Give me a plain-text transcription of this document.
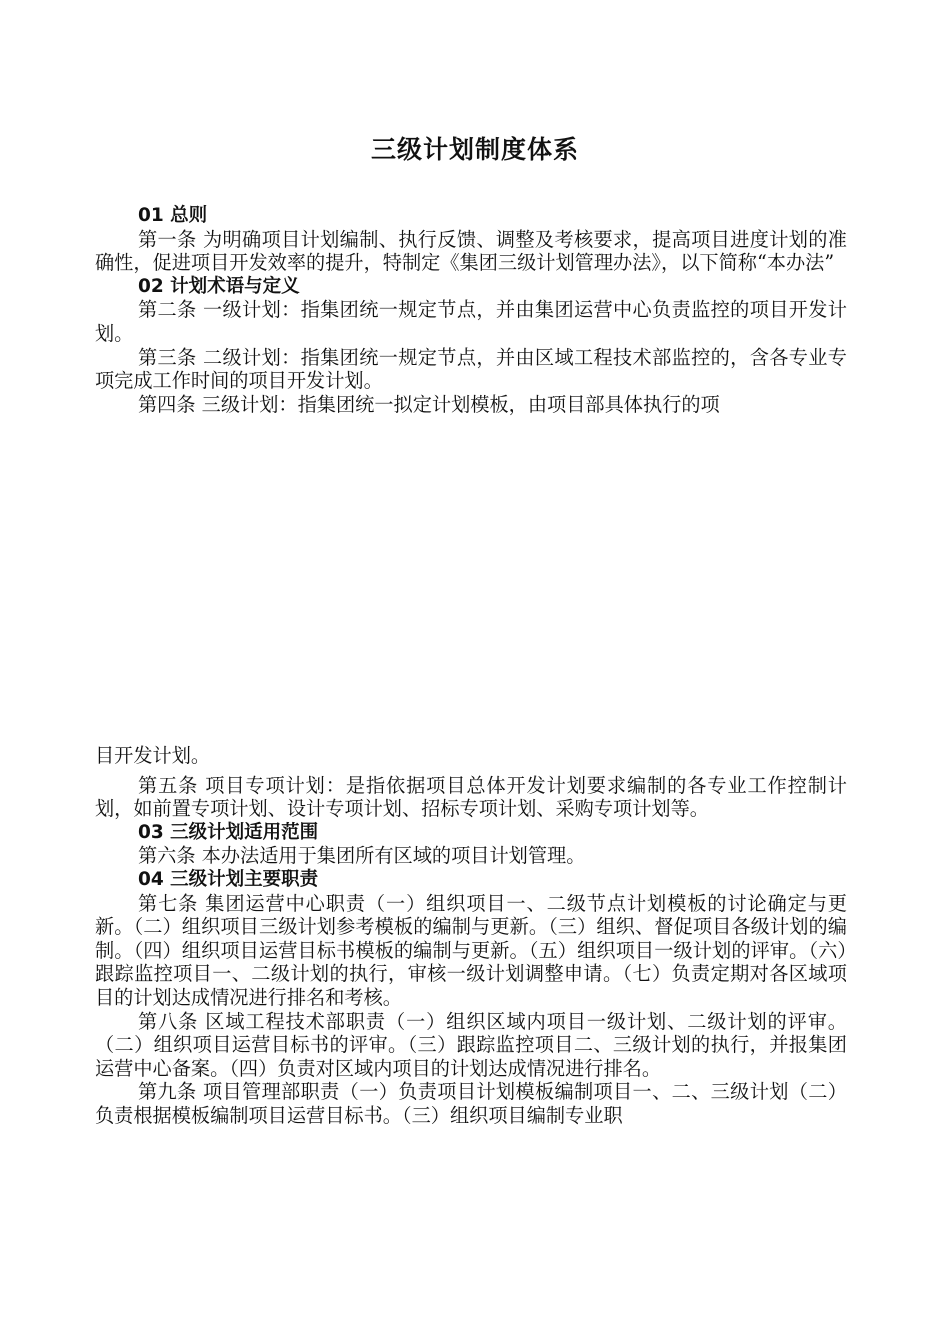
三级计划制度体系
01 总则

第一条 为明确项目计划编制、执行反馈、调整及考核要求，提高项目进度计划的准确性，促进项目开发效率的提升，特制定《集团三级计划管理办法》，以下简称“本办法”

02 计划术语与定义

第二条 一级计划：指集团统一规定节点，并由集团运营中心负责监控的项目开发计划。

第三条 二级计划：指集团统一规定节点，并由区域工程技术部监控的，含各专业专项完成工作时间的项目开发计划。

第四条 三级计划：指集团统一拟定计划模板，由项目部具体执行的项

目开发计划。

第五条 项目专项计划：是指依据项目总体开发计划要求编制的各专业工作控制计划，如前置专项计划、设计专项计划、招标专项计划、采购专项计划等。

03 三级计划适用范围

第六条 本办法适用于集团所有区域的项目计划管理。

04 三级计划主要职责

第七条 集团运营中心职责（一）组织项目一、二级节点计划模板的讨论确定与更新。（二）组织项目三级计划参考模板的编制与更新。（三）组织、督促项目各级计划的编制。（四）组织项目运营目标书模板的编制与更新。（五）组织项目一级计划的评审。（六）跟踪监控项目一、二级计划的执行，审核一级计划调整申请。（七）负责定期对各区域项目的计划达成情况进行排名和考核。

第八条 区域工程技术部职责（一）组织区域内项目一级计划、二级计划的评审。（二）组织项目运营目标书的评审。（三）跟踪监控项目二、三级计划的执行，并报集团运营中心备案。（四）负责对区域内项目的计划达成情况进行排名。

第九条 项目管理部职责（一）负责项目计划模板编制项目一、二、三级计划（二）负责根据模板编制项目运营目标书。（三）组织项目编制专业职
